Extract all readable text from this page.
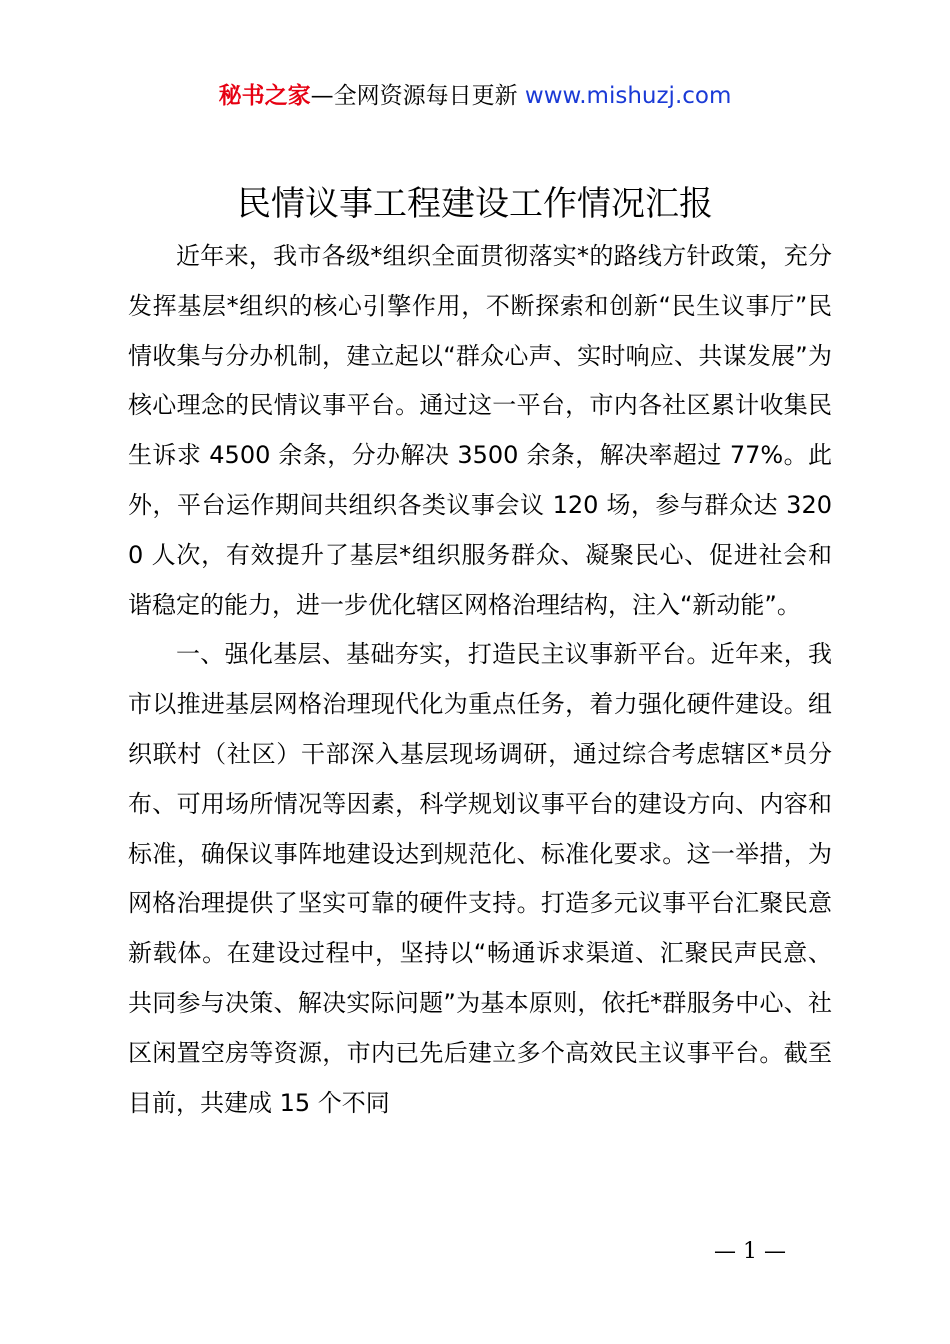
秘书之家—全网资源每日更新 www.mishuzj.com
民情议事工程建设工作情况汇报

近年来，我市各级*组织全面贯彻落实*的路线方针政策，充分发挥基层*组织的核心引擎作用，不断探索和创新“民生议事厅”民情收集与分办机制，建立起以“群众心声、实时响应、共谋发展”为核心理念的民情议事平台。通过这一平台，市内各社区累计收集民生诉求 4500 余条，分办解决 3500 余条，解决率超过 77%。此外，平台运作期间共组织各类议事会议 120 场，参与群众达 3200 人次，有效提升了基层*组织服务群众、凝聚民心、促进社会和谐稳定的能力，进一步优化辖区网格治理结构，注入“新动能”。

一、强化基层、基础夯实，打造民主议事新平台。近年来，我市以推进基层网格治理现代化为重点任务，着力强化硬件建设。组织联村（社区）干部深入基层现场调研，通过综合考虑辖区*员分布、可用场所情况等因素，科学规划议事平台的建设方向、内容和标准，确保议事阵地建设达到规范化、标准化要求。这一举措，为网格治理提供了坚实可靠的硬件支持。打造多元议事平台汇聚民意新载体。在建设过程中，坚持以“畅通诉求渠道、汇聚民声民意、共同参与决策、解决实际问题”为基本原则，依托*群服务中心、社区闲置空房等资源，市内已先后建立多个高效民主议事平台。截至目前，共建成 15 个不同

— 1 —
